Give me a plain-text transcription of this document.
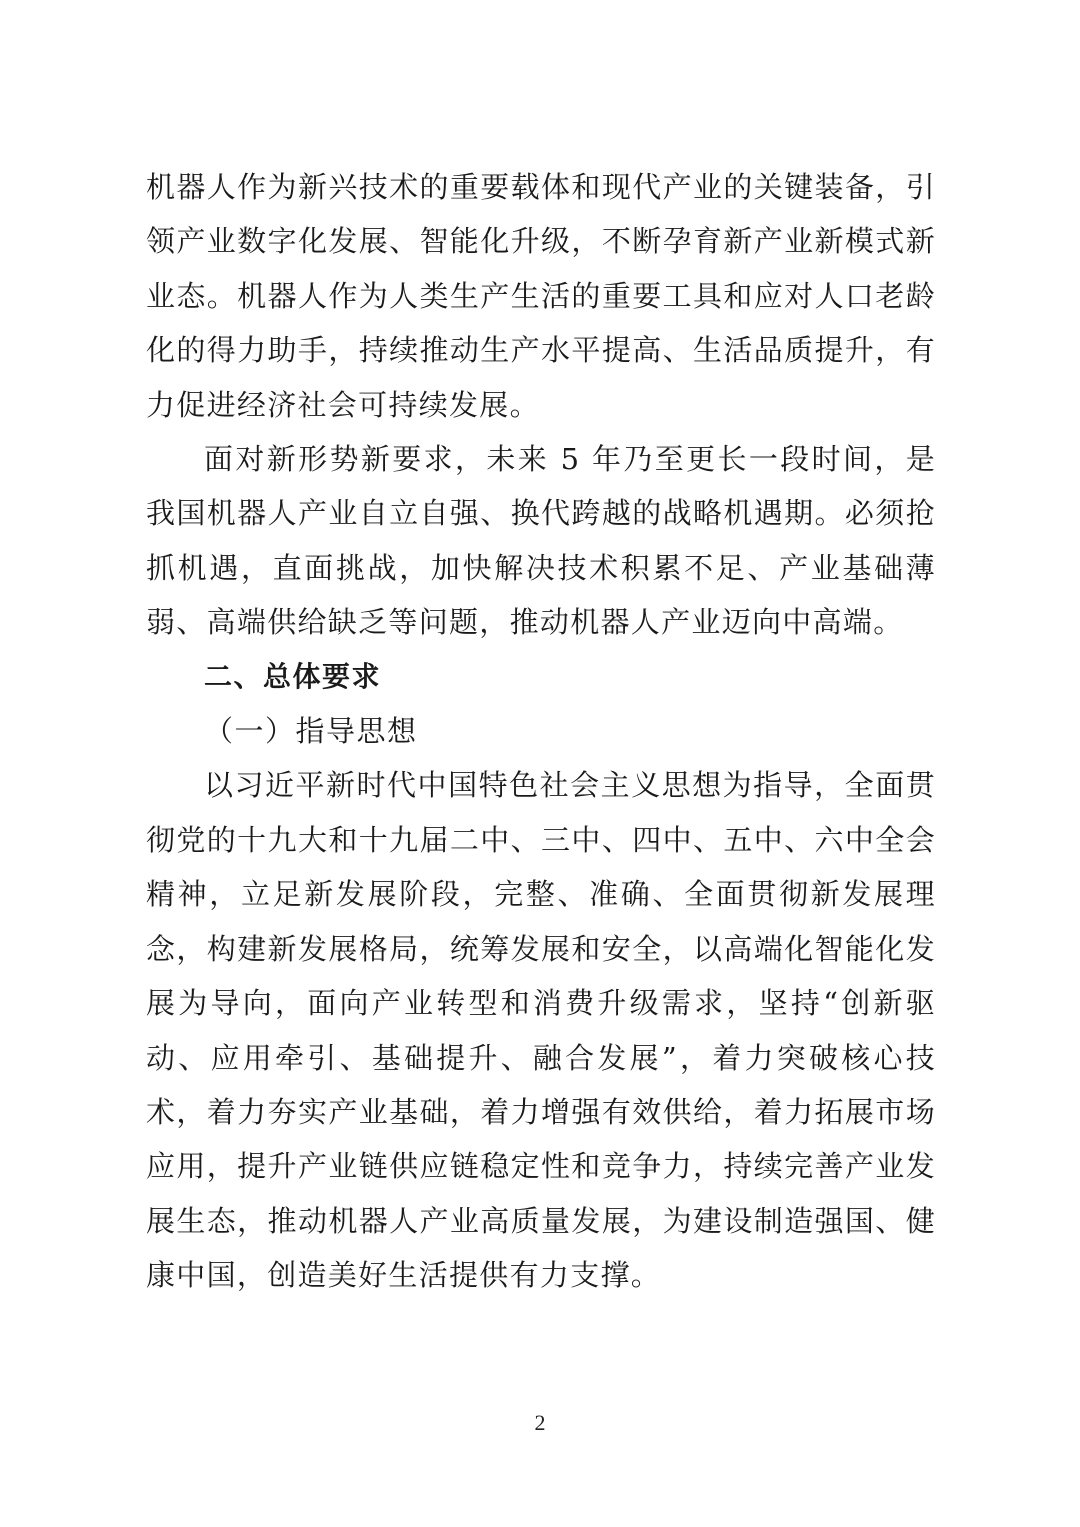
机器人作为新兴技术的重要载体和现代产业的关键装备，引领产业数字化发展、智能化升级，不断孕育新产业新模式新业态。机器人作为人类生产生活的重要工具和应对人口老龄化的得力助手，持续推动生产水平提高、生活品质提升，有力促进经济社会可持续发展。

面对新形势新要求，未来 5 年乃至更长一段时间，是我国机器人产业自立自强、换代跨越的战略机遇期。必须抢抓机遇，直面挑战，加快解决技术积累不足、产业基础薄弱、高端供给缺乏等问题，推动机器人产业迈向中高端。

二、总体要求

（一）指导思想

以习近平新时代中国特色社会主义思想为指导，全面贯彻党的十九大和十九届二中、三中、四中、五中、六中全会精神，立足新发展阶段，完整、准确、全面贯彻新发展理念，构建新发展格局，统筹发展和安全，以高端化智能化发展为导向，面向产业转型和消费升级需求，坚持“创新驱动、应用牵引、基础提升、融合发展”，着力突破核心技术，着力夯实产业基础，着力增强有效供给，着力拓展市场应用，提升产业链供应链稳定性和竞争力，持续完善产业发展生态，推动机器人产业高质量发展，为建设制造强国、健康中国，创造美好生活提供有力支撑。

2
